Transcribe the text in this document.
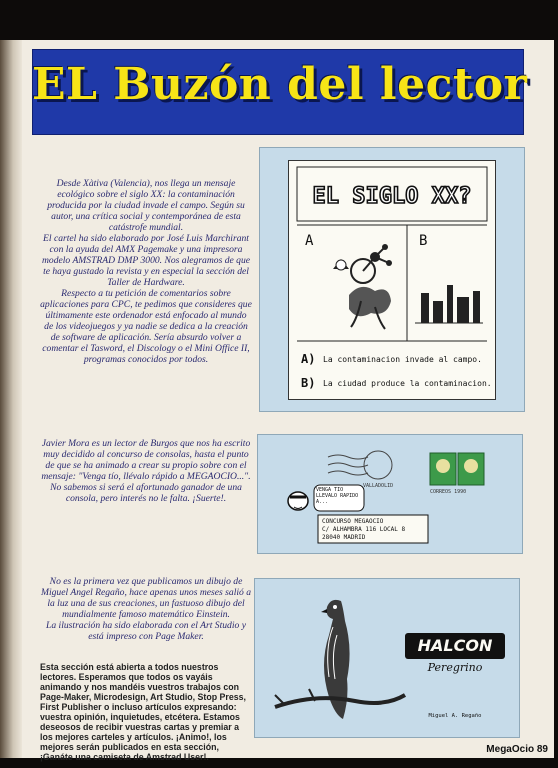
EL Buzón del lector

Desde Xàtiva (Valencia), nos llega un mensaje ecológico sobre el siglo XX: la contaminación producida por la ciudad invade el campo. Según su autor, una crítica social y contemporánea de esta catástrofe mundial.

El cartel ha sido elaborado por José Luis Marchirant con la ayuda del AMX Pagemake y una impresora modelo AMSTRAD DMP 3000. Nos alegramos de que te haya gustado la revista y en especial la sección del Taller de Hardware.

Respecto a tu petición de comentarios sobre aplicaciones para CPC, te pedimos que consideres que últimamente este ordenador está enfocado al mundo de los videojuegos y ya nadie se dedica a la creación de software de aplicación. Sería absurdo volver a comentar el Tasword, el Discology o el Mini Office II, programas conocidos por todos.

Javier Mora es un lector de Burgos que nos ha escrito muy decidido al concurso de consolas, hasta el punto de que se ha animado a crear su propio sobre con el mensaje: "Venga tío, llévalo rápido a MEGAOCIO...". No sabemos si será el afortunado ganador de una consola, pero interés no le falta. ¡Suerte!.

No es la primera vez que publicamos un dibujo de Miguel Angel Regaño, hace apenas unos meses salió a la luz una de sus creaciones, un fastuoso dibujo del mundialmente famoso matemático Einstein.

La ilustración ha sido elaborada con el Art Studio y está impreso con Page Maker.

Esta sección está abierta a todos nuestros lectores. Esperamos que todos os vayáis animando y nos mandéis vuestros trabajos con Page-Maker, Microdesign, Art Studio, Stop Press, First Publisher o incluso artículos expresando: vuestra opinión, inquietudes, etcétera. Estamos deseosos de recibir vuestras cartas y premiar a los mejores carteles y artículos. ¡Animo!, los mejores serán publicados en esta sección, ¡Ganáte una camiseta de Amstrad User!.
EL SIGLO XX?
A	B
A) La contaminacion invade al campo.
B) La ciudad produce la contaminacion.
VALLADOLID
CORREOS 1990
VENGA TIO LLEVALO RAPIDO A...
CONCURSO MEGAOCIO
C/ ALHAMBRA 116 LOCAL 8
28040 MADRID
HALCON
Peregrino
Miguel A. Regaño
MegaOcio 89
